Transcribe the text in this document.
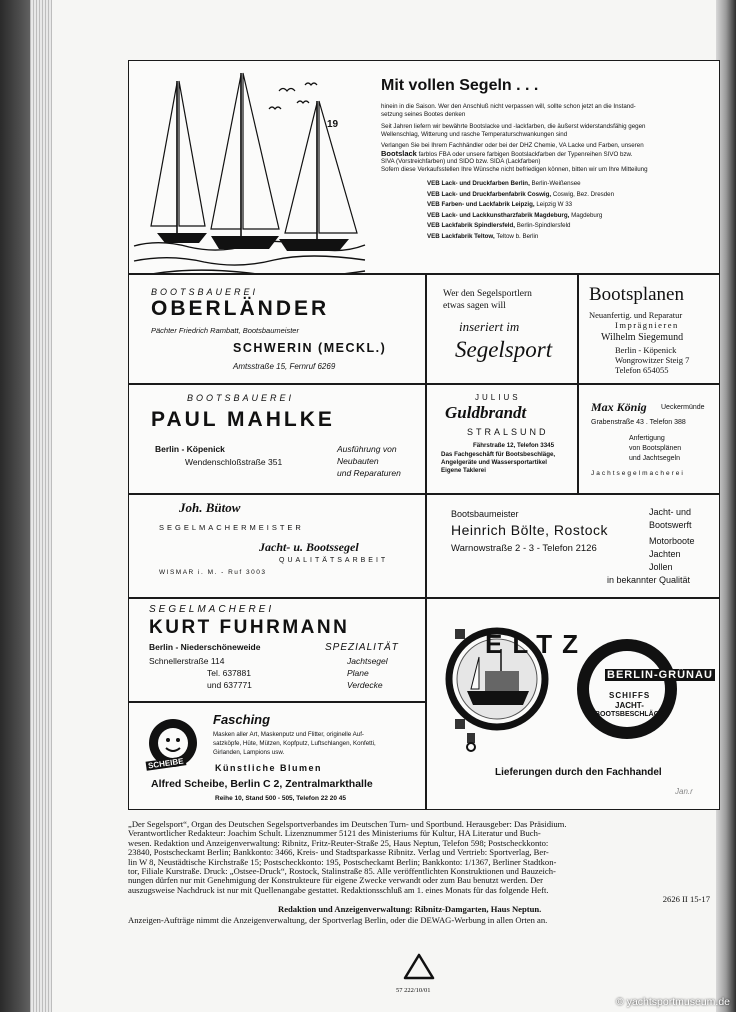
19
Mit vollen Segeln . . .
hinein in die Saison. Wer den Anschluß nicht verpassen will, sollte schon jetzt an die Instand-
setzung seines Bootes denken
Seit Jahren liefern wir bewährte Bootslacke und -lackfarben, die äußerst widerstandsfähig gegen
Wellenschlag, Witterung und rasche Temperaturschwankungen sind
Verlangen Sie bei Ihrem Fachhändler oder bei der DHZ Chemie, VA Lacke und Farben, unseren
Bootslack farblos FBA oder unsere farbigen Bootslackfarben der Typenreihen SIVO bzw.
SIVA (Vorstreichfarben) und SIDO bzw. SIDA (Lackfarben)
Sofern diese Verkaufsstellen Ihre Wünsche nicht befriedigen können, bitten wir um Ihre Mitteilung
VEB Lack- und Druckfarben Berlin, Berlin-Weißensee
VEB Lack- und Druckfarbenfabrik Coswig, Coswig, Bez. Dresden
VEB Farben- und Lackfabrik Leipzig, Leipzig W 33
VEB Lack- und Lackkunstharzfabrik Magdeburg, Magdeburg
VEB Lackfabrik Spindlersfeld, Berlin-Spindlersfeld
VEB Lackfabrik Teltow, Teltow b. Berlin
BOOTSBAUEREI
OBERLÄNDER
Pächter Friedrich Rambatt, Bootsbaumeister
SCHWERIN (MECKL.)
Amtsstraße 15, Fernruf 6269
Wer den Segelsportlern
etwas sagen will
inseriert im
Segelsport
Bootsplanen
Neuanfertig. und Reparatur
Imprägnieren
Wilhelm Siegemund
Berlin - Köpenick
Wongrowitzer Steig 7
Telefon 654055
BOOTSBAUEREI
PAUL MAHLKE
Berlin - Köpenick
Wendenschloßstraße 351
Ausführung von
Neubauten
und Reparaturen
JULIUS
Guldbrandt
STRALSUND
Fährstraße 12, Telefon 3345
Das Fachgeschäft für Bootsbeschläge,
Angelgeräte und Wassersportartikel
Eigene Taklerei
Max König Ueckermünde
Grabenstraße 43 . Telefon 388
Anfertigung
von Bootsplänen
und Jachtsegeln
Jachtsegelmacherei
Joh. Bütow
SEGELMACHERMEISTER
Jacht- u. Bootssegel
QUALITÄTSARBEIT
WISMAR i. M. - Ruf 3003
Bootsbaumeister
Heinrich Bölte, Rostock
Warnowstraße 2 - 3 - Telefon 2126
Jacht- und
Bootswerft
Motorboote
Jachten
Jollen
in bekannter Qualität
SEGELMACHEREI
KURT FUHRMANN
Berlin - Niederschöneweide
Schnellerstraße 114
Tel. 637881
und 637771
SPEZIALITÄT
Jachtsegel
Plane
Verdecke
ELTZ
BERLIN-GRÜNAU
SCHIFFS
JACHT-
BOOTSBESCHLÄGE
Lieferungen durch den Fachhandel
Jan.r
SCHEIBE
Fasching
Masken aller Art, Maskenputz und Flitter, originelle Auf-
satzköpfe, Hüte, Mützen, Kopfputz, Luftschlangen, Konfetti,
Girlanden, Lampions usw.
Künstliche Blumen
Alfred Scheibe, Berlin C 2, Zentralmarkthalle
Reihe 10, Stand 500 - 505, Telefon 22 20 45
„Der Segelsport“, Organ des Deutschen Segelsportverbandes im Deutschen Turn- und Sportbund. Herausgeber: Das Präsidium.
Verantwortlicher Redakteur: Joachim Schult. Lizenznummer 5121 des Ministeriums für Kultur, HA Literatur und Buch-
wesen. Redaktion und Anzeigenverwaltung: Ribnitz, Fritz-Reuter-Straße 25, Haus Neptun, Telefon 598; Postscheckkonto:
23840, Postscheckamt Berlin; Bankkonto: 3466, Kreis- und Stadtsparkasse Ribnitz. Verlag und Vertrieb: Sportverlag, Ber-
lin W 8, Neustädtische Kirchstraße 15; Postscheckkonto: 195, Postscheckamt Berlin; Bankkonto: 1/1367, Berliner Stadtkon-
tor, Filiale Kurstraße. Druck: „Ostsee-Druck“, Rostock, Stalinstraße 85. Alle veröffentlichten Konstruktionen und Bauzeich-
nungen dürfen nur mit Genehmigung der Konstrukteure für eigene Zwecke verwandt oder zum Bau benutzt werden. Der
auszugsweise Nachdruck ist nur mit Quellenangabe gestattet. Redaktionsschluß am 1. eines Monats für das folgende Heft.
2626 II 15-17
Redaktion und Anzeigenverwaltung: Ribnitz-Damgarten, Haus Neptun.
Anzeigen-Aufträge nimmt die Anzeigenverwaltung, der Sportverlag Berlin, oder die DEWAG-Werbung in allen Orten an.
57 222/10/01
© yachtsportmuseum.de
